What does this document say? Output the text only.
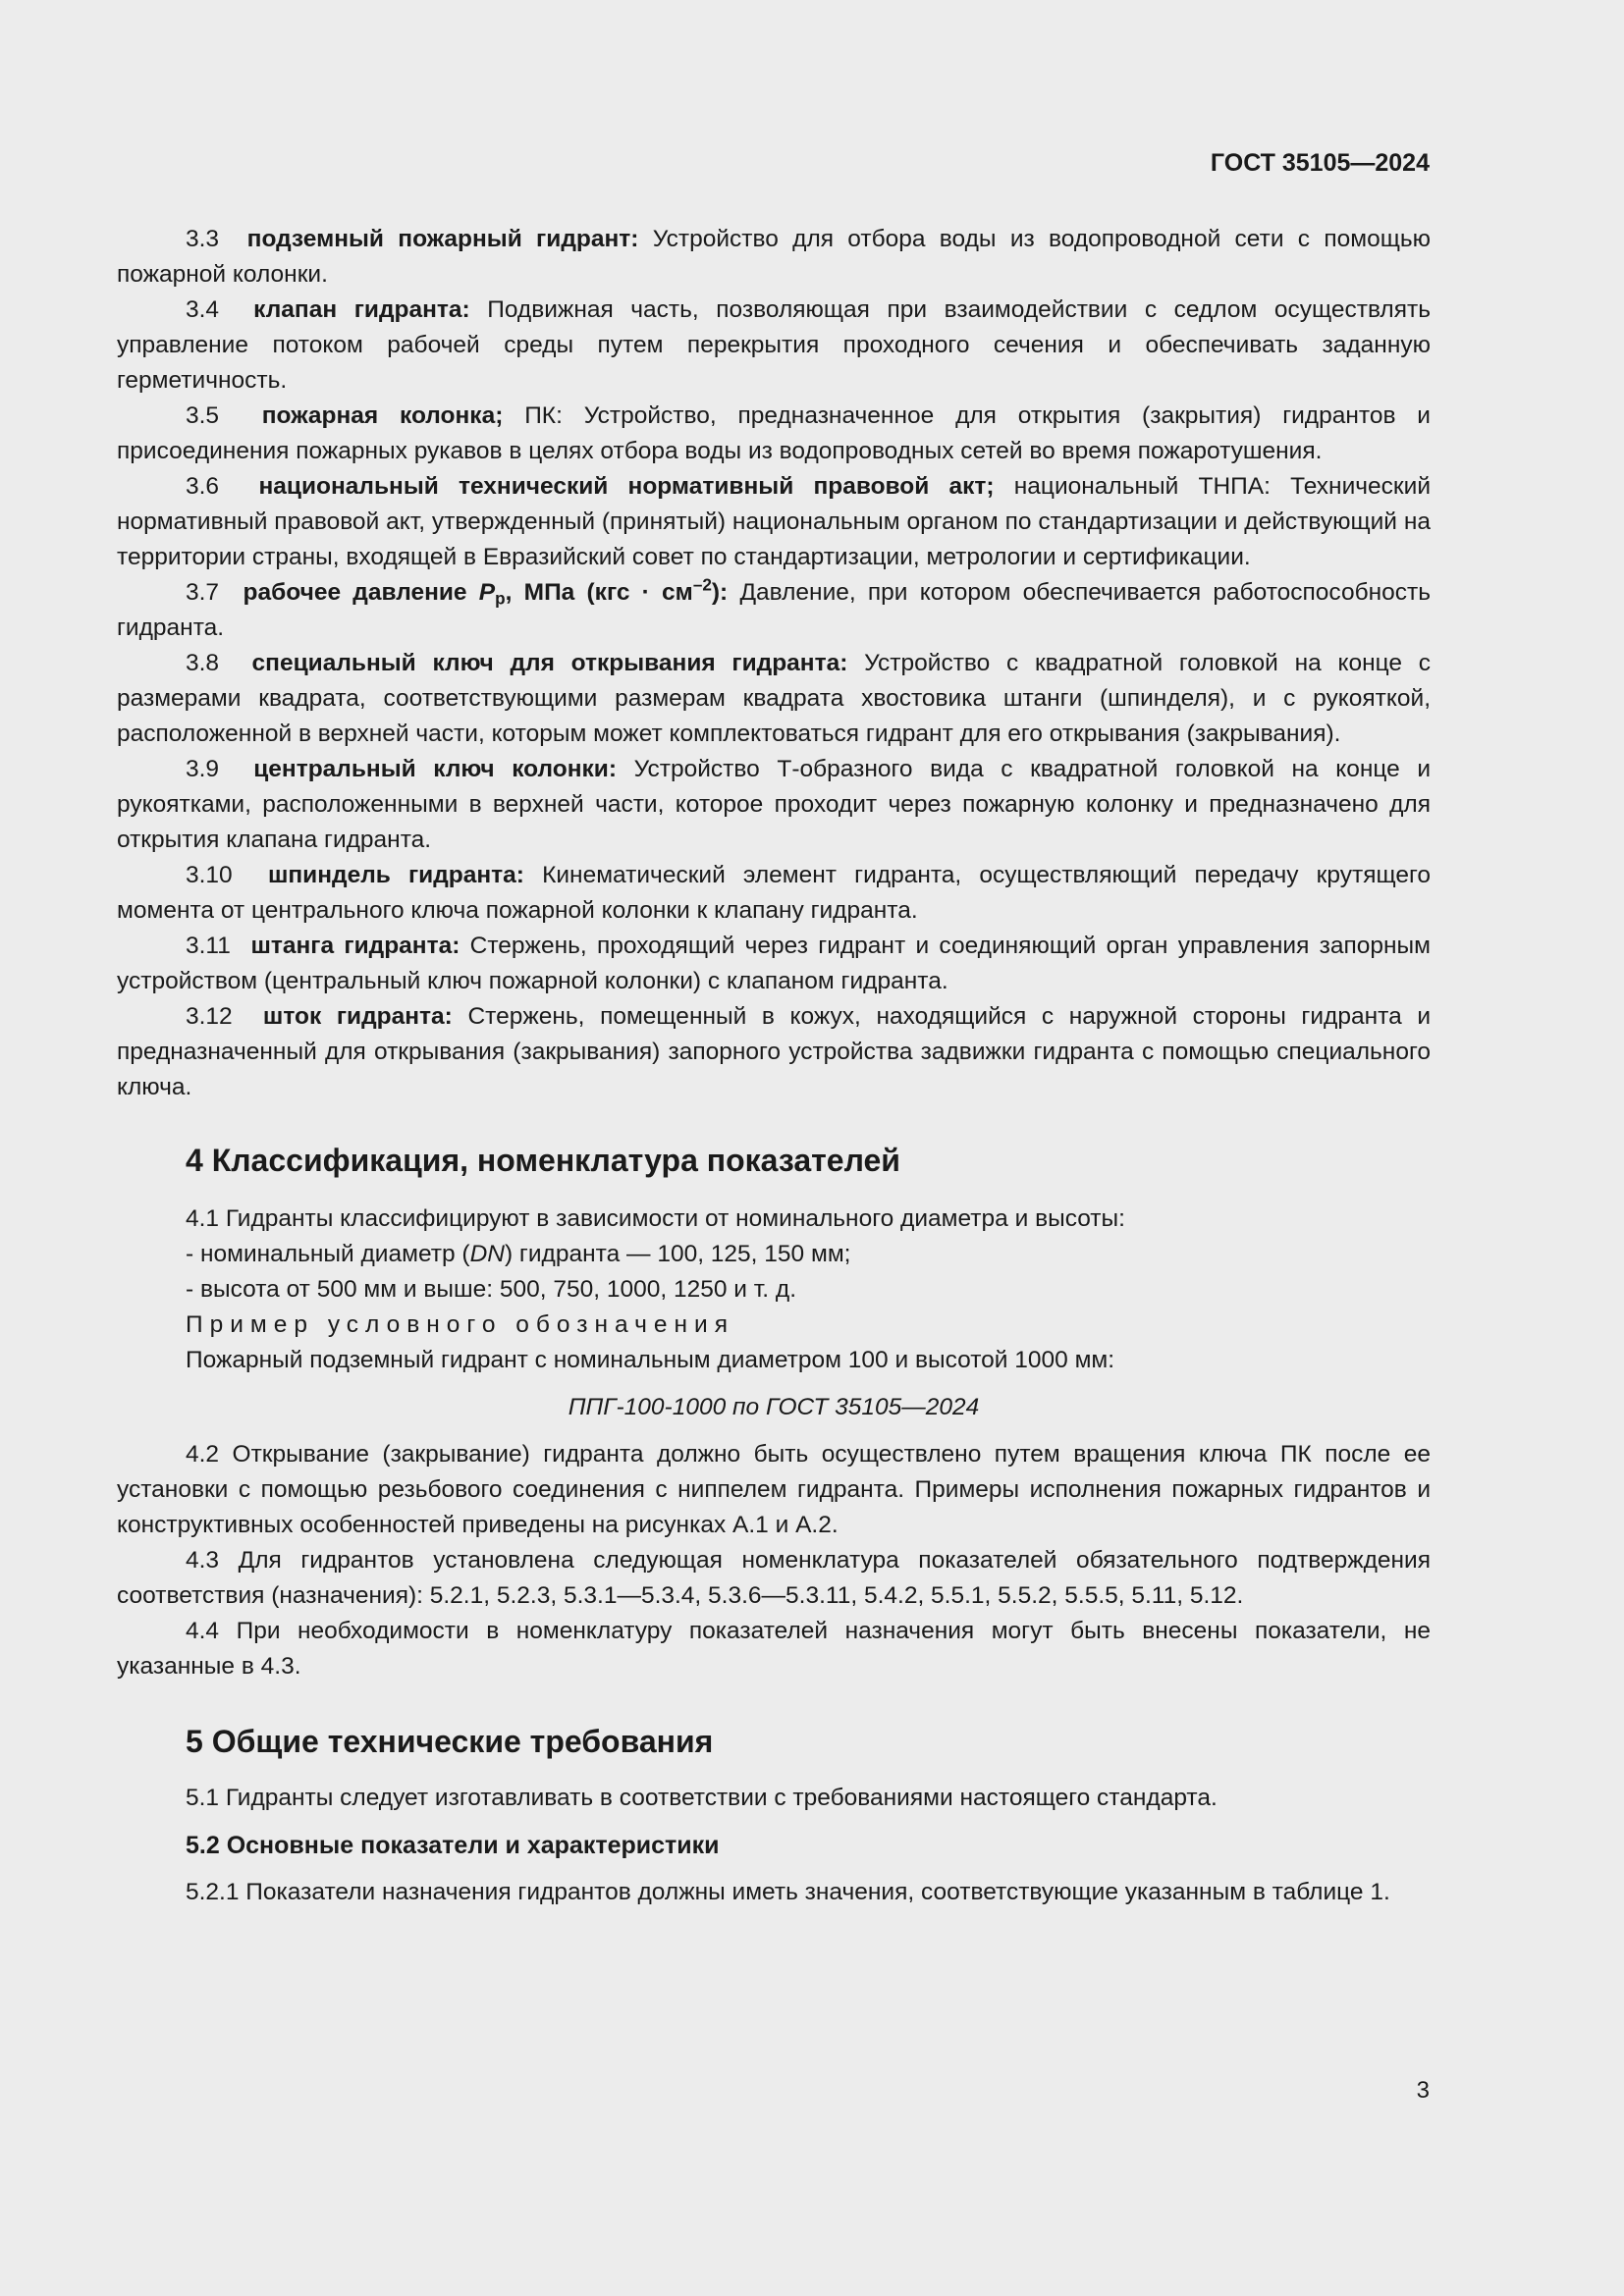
ГОСТ 35105—2024

3.3 подземный пожарный гидрант: Устройство для отбора воды из водопроводной сети с помощью пожарной колонки.

3.4 клапан гидранта: Подвижная часть, позволяющая при взаимодействии с седлом осуществлять управление потоком рабочей среды путем перекрытия проходного сечения и обеспечивать заданную герметичность.

3.5 пожарная колонка; ПК: Устройство, предназначенное для открытия (закрытия) гидрантов и присоединения пожарных рукавов в целях отбора воды из водопроводных сетей во время пожаротушения.

3.6 национальный технический нормативный правовой акт; национальный ТНПА: Технический нормативный правовой акт, утвержденный (принятый) национальным органом по стандартизации и действующий на территории страны, входящей в Евразийский совет по стандартизации, метрологии и сертификации.

3.7 рабочее давление $P_р$, МПа $(кгс \cdot см^{-2})$: Давление, при котором обеспечивается работоспособность гидранта.

3.8 специальный ключ для открывания гидранта: Устройство с квадратной головкой на конце с размерами квадрата, соответствующими размерам квадрата хвостовика штанги (шпинделя), и с рукояткой, расположенной в верхней части, которым может комплектоваться гидрант для его открывания (закрывания).

3.9 центральный ключ колонки: Устройство Т-образного вида с квадратной головкой на конце и рукоятками, расположенными в верхней части, которое проходит через пожарную колонку и предназначено для открытия клапана гидранта.

3.10 шпиндель гидранта: Кинематический элемент гидранта, осуществляющий передачу крутящего момента от центрального ключа пожарной колонки к клапану гидранта.

3.11 штанга гидранта: Стержень, проходящий через гидрант и соединяющий орган управления запорным устройством (центральный ключ пожарной колонки) с клапаном гидранта.

3.12 шток гидранта: Стержень, помещенный в кожух, находящийся с наружной стороны гидранта и предназначенный для открывания (закрывания) запорного устройства задвижки гидранта с помощью специального ключа.

4 Классификация, номенклатура показателей

4.1 Гидранты классифицируют в зависимости от номинального диаметра и высоты:

- номинальный диаметр (DN) гидранта — 100, 125, 150 мм;

- высота от 500 мм и выше: 500, 750, 1000, 1250 и т. д.

Пример условного обозначения

Пожарный подземный гидрант с номинальным диаметром 100 и высотой 1000 мм:

ППГ-100-1000 по ГОСТ 35105—2024

4.2 Открывание (закрывание) гидранта должно быть осуществлено путем вращения ключа ПК после ее установки с помощью резьбового соединения с ниппелем гидранта. Примеры исполнения пожарных гидрантов и конструктивных особенностей приведены на рисунках А.1 и А.2.

4.3 Для гидрантов установлена следующая номенклатура показателей обязательного подтверждения соответствия (назначения): 5.2.1, 5.2.3, 5.3.1—5.3.4, 5.3.6—5.3.11, 5.4.2, 5.5.1, 5.5.2, 5.5.5, 5.11, 5.12.

4.4 При необходимости в номенклатуру показателей назначения могут быть внесены показатели, не указанные в 4.3.

5 Общие технические требования

5.1 Гидранты следует изготавливать в соответствии с требованиями настоящего стандарта.

5.2 Основные показатели и характеристики

5.2.1 Показатели назначения гидрантов должны иметь значения, соответствующие указанным в таблице 1.

3
